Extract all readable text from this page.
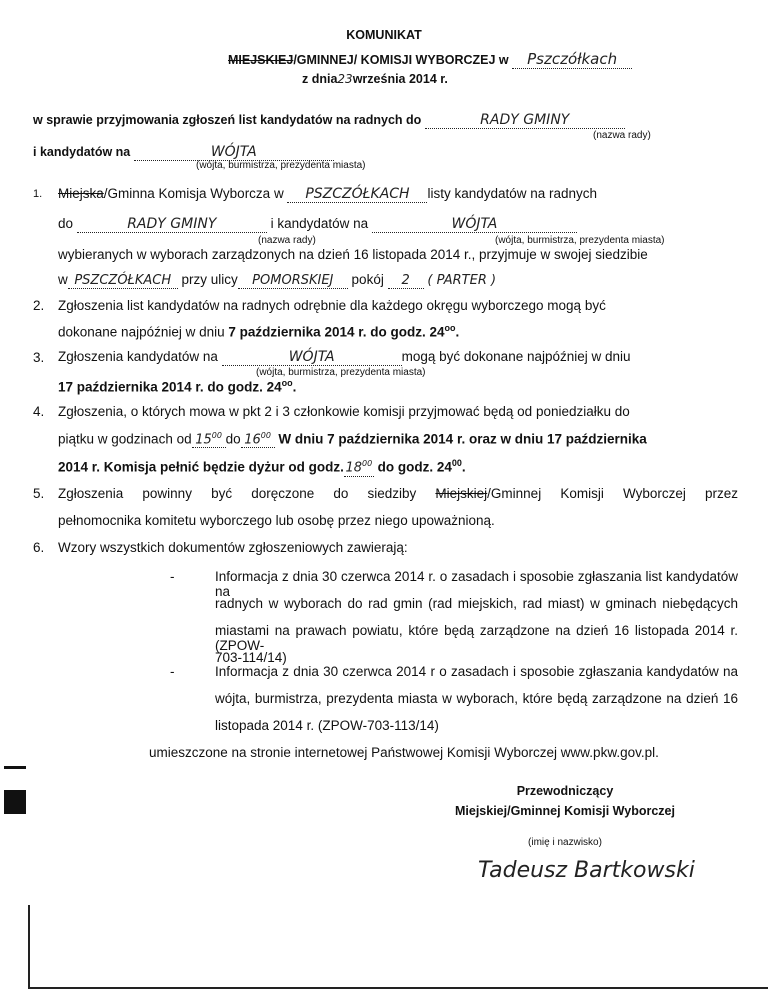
KOMUNIKAT
MIEJSKIEJ/GMINNEJ/ KOMISJI WYBORCZEJ w Pszczółkach
z dnia23września 2014 r.
w sprawie przyjmowania zgłoszeń list kandydatów na radnych do	RADY GMINY
(nazwa rady)
i kandydatów na	WÓJTA
(wójta, burmistrza, prezydenta miasta)
1. Miejska/Gminna Komisja Wyborcza w PSZCZÓŁKACH listy kandydatów na radnych
do	RADY GMINY	i kandydatów na	WÓJTA
(nazwa rady)	(wójta, burmistrza, prezydenta miasta)
wybieranych w wyborach zarządzonych na dzień 16 listopada 2014 r., przyjmuje w swojej siedzibie
w PSZCZÓŁKACH przy ulicy POMORSKIEJ pokój 2 ( PARTER )
2. Zgłoszenia list kandydatów na radnych odrębnie dla każdego okręgu wyborczego mogą być
dokonane najpóźniej w dniu 7 października 2014 r. do godz. $24^{oo}$.
3. Zgłoszenia kandydatów na	WÓJTA	mogą być dokonane najpóźniej w dniu
(wójta, burmistrza, prezydenta miasta)
17 października 2014 r. do godz. $24^{oo}$.
4. Zgłoszenia, o których mowa w pkt 2 i 3 członkowie komisji przyjmować będą od poniedziałku do
piątku w godzinach od $15^{00}$ do $16^{00}$ W dniu 7 października 2014 r. oraz w dniu 17 października
2014 r. Komisja pełnić będzie dyżur od godz. $18^{00}$ do godz. $24^{00}$.
5. Zgłoszenia powinny być doręczone do siedziby Miejskiej/Gminnej Komisji Wyborczej przez
pełnomocnika komitetu wyborczego lub osobę przez niego upoważnioną.
6. Wzory wszystkich dokumentów zgłoszeniowych zawierają:
-	Informacja z dnia 30 czerwca 2014 r. o zasadach i sposobie zgłaszania list kandydatów na
radnych w wyborach do rad gmin (rad miejskich, rad miast) w gminach niebędących
miastami na prawach powiatu, które będą zarządzone na dzień 16 listopada 2014 r. (ZPOW-
703-114/14)
-	Informacja z dnia 30 czerwca 2014 r o zasadach i sposobie zgłaszania kandydatów na
wójta, burmistrza, prezydenta miasta w wyborach, które będą zarządzone na dzień 16
listopada 2014 r. (ZPOW-703-113/14)
umieszczone na stronie internetowej Państwowej Komisji Wyborczej www.pkw.gov.pl.
Przewodniczący
Miejskiej/Gminnej Komisji Wyborczej
(imię i nazwisko)
Tadeusz Bartkowski
